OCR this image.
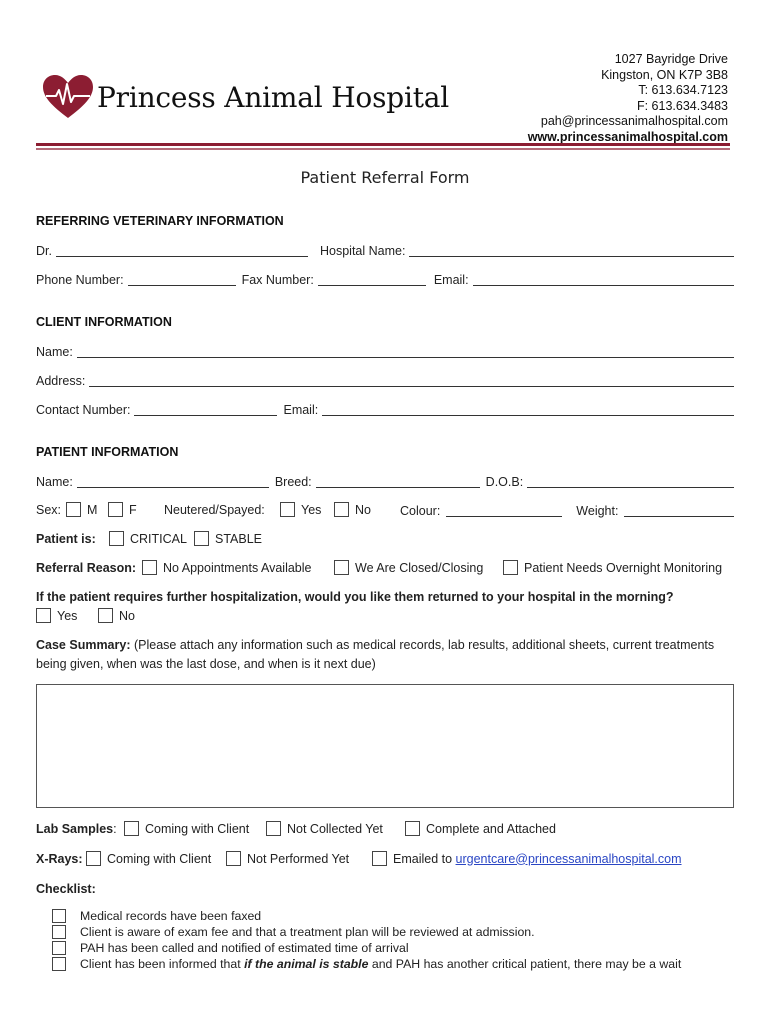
Princess Animal Hospital
1027 Bayridge Drive
Kingston, ON K7P 3B8
T: 613.634.7123
F: 613.634.3483
pah@princessanimalhospital.com
www.princessanimalhospital.com
Patient Referral Form
REFERRING VETERINARY INFORMATION
Dr.	Hospital Name:
Phone Number:	Fax Number:	Email:
CLIENT INFORMATION
Name:
Address:
Contact Number:	Email:
PATIENT INFORMATION
Name:	Breed:	D.O.B:
Sex: M	F Neutered/Spayed:	Yes	No Colour:	Weight:
Patient is:	CRITICAL STABLE
Referral Reason: No Appointments Available	We Are Closed/Closing	Patient Needs Overnight Monitoring
If the patient requires further hospitalization, would you like them returned to your hospital in the morning?
Yes	No
Case Summary: (Please attach any information such as medical records, lab results, additional sheets, current treatments
being given, when was the last dose, and when is it next due)
Lab Samples: Coming with Client	Not Collected Yet	Complete and Attached
X-Rays: Coming with Client	Not Performed Yet	Emailed to urgentcare@princessanimalhospital.com
Checklist:
Medical records have been faxed
Client is aware of exam fee and that a treatment plan will be reviewed at admission.
PAH has been called and notified of estimated time of arrival
Client has been informed that if the animal is stable and PAH has another critical patient, there may be a wait
